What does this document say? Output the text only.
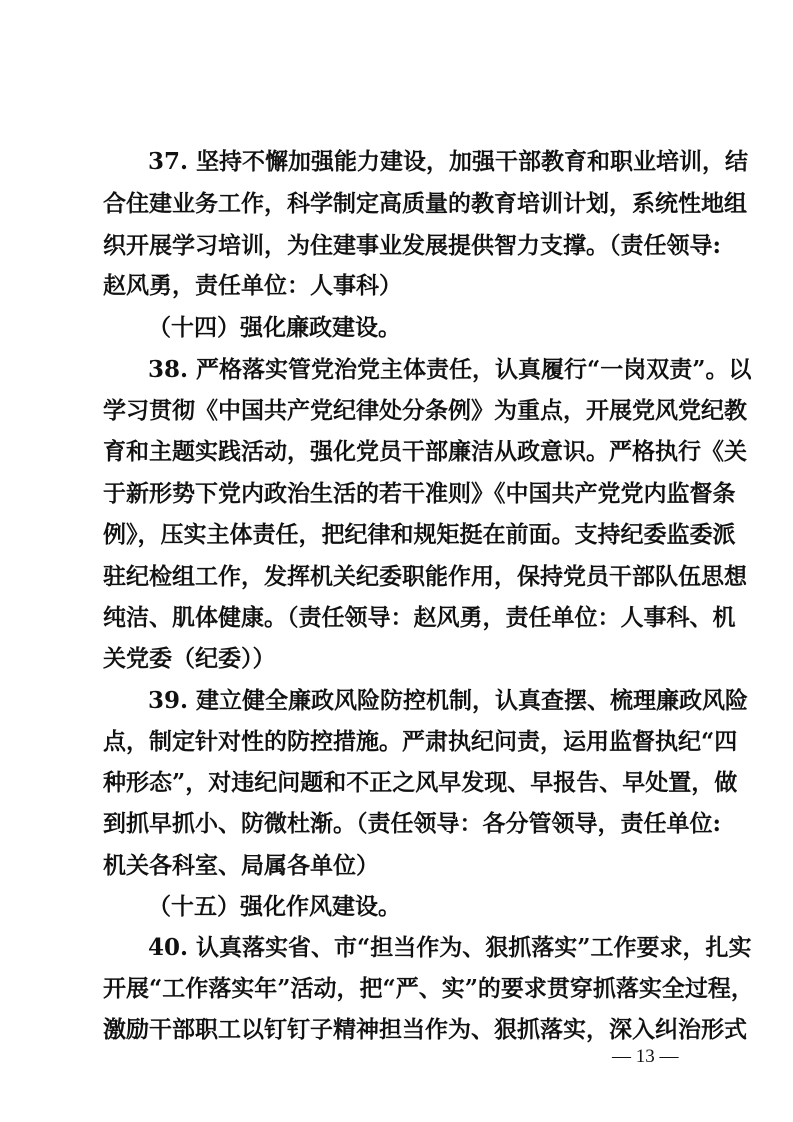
37. 坚持不懈加强能力建设，加强干部教育和职业培训，结
合住建业务工作，科学制定高质量的教育培训计划，系统性地组
织开展学习培训，为住建事业发展提供智力支撑。（责任领导:
赵风勇，责任单位：人事科）
（十四）强化廉政建设。
38. 严格落实管党治党主体责任，认真履行“一岗双责”。以
学习贯彻《中国共产党纪律处分条例》为重点，开展党风党纪教
育和主题实践活动，强化党员干部廉洁从政意识。严格执行《关
于新形势下党内政治生活的若干准则》《中国共产党党内监督条
例》，压实主体责任，把纪律和规矩挺在前面。支持纪委监委派
驻纪检组工作，发挥机关纪委职能作用，保持党员干部队伍思想
纯洁、肌体健康。（责任领导：赵风勇，责任单位：人事科、机
关党委（纪委））
39. 建立健全廉政风险防控机制，认真查摆、梳理廉政风险
点，制定针对性的防控措施。严肃执纪问责，运用监督执纪“四
种形态”，对违纪问题和不正之风早发现、早报告、早处置，做
到抓早抓小、防微杜渐。（责任领导：各分管领导，责任单位:
机关各科室、局属各单位）
（十五）强化作风建设。
40. 认真落实省、市“担当作为、狠抓落实”工作要求，扎实
开展“工作落实年”活动，把“严、实”的要求贯穿抓落实全过程，
激励干部职工以钉钉子精神担当作为、狠抓落实，深入纠治形式
— 13 —
